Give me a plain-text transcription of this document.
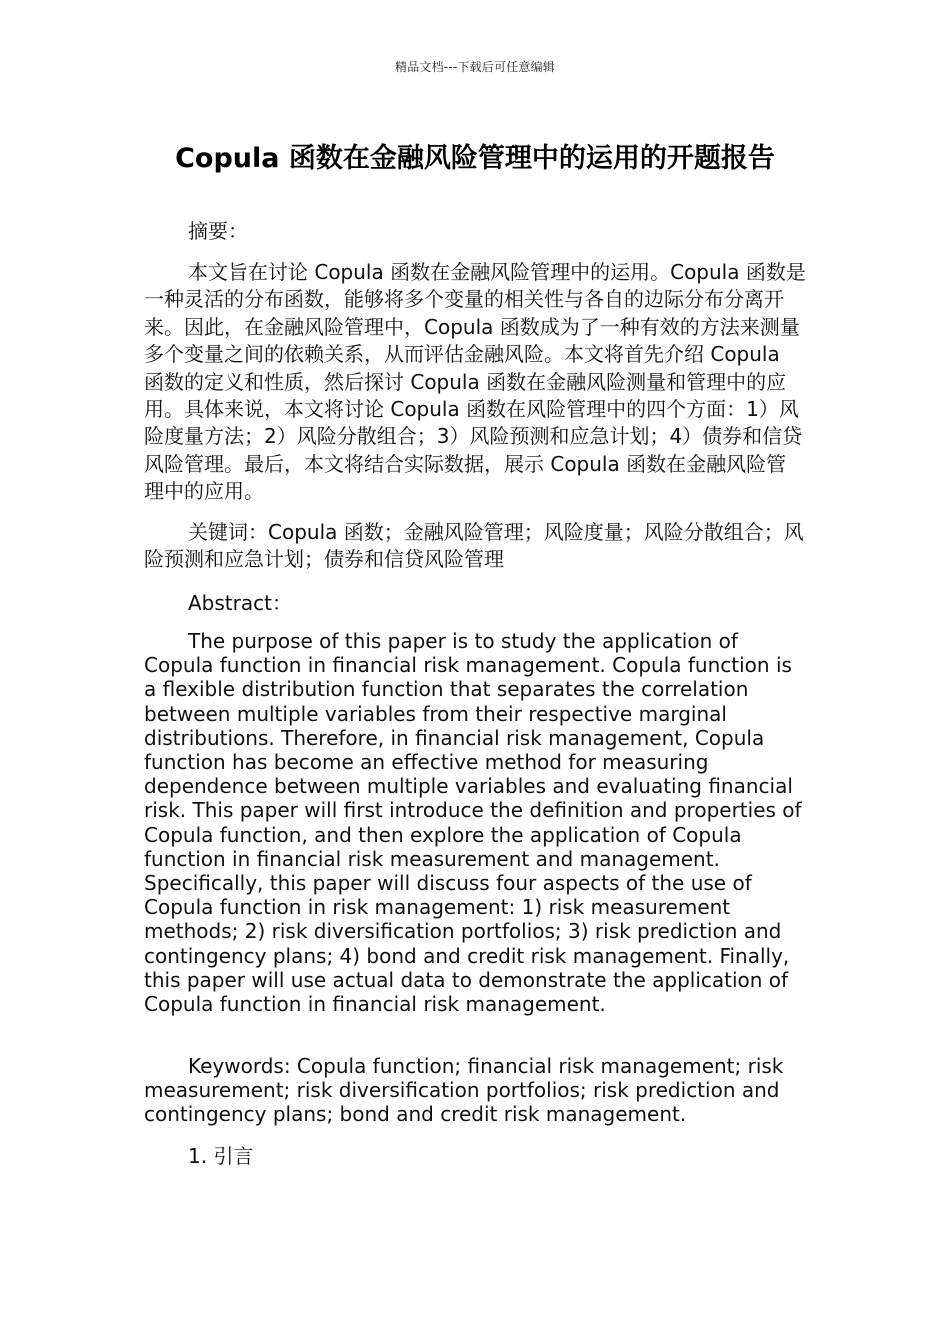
精品文档---下载后可任意编辑
Copula 函数在金融风险管理中的运用的开题报告
摘要：

本文旨在讨论 Copula 函数在金融风险管理中的运用。Copula 函数是一种灵活的分布函数，能够将多个变量的相关性与各自的边际分布分离开来。因此，在金融风险管理中，Copula 函数成为了一种有效的方法来测量多个变量之间的依赖关系，从而评估金融风险。本文将首先介绍 Copula 函数的定义和性质，然后探讨 Copula 函数在金融风险测量和管理中的应用。具体来说，本文将讨论 Copula 函数在风险管理中的四个方面：1）风险度量方法；2）风险分散组合；3）风险预测和应急计划；4）债券和信贷风险管理。最后，本文将结合实际数据，展示 Copula 函数在金融风险管理中的应用。

关键词：Copula 函数；金融风险管理；风险度量；风险分散组合；风险预测和应急计划；债券和信贷风险管理

Abstract：

The purpose of this paper is to study the application of Copula function in financial risk management. Copula function is a flexible distribution function that separates the correlation between multiple variables from their respective marginal distributions. Therefore, in financial risk management, Copula function has become an effective method for measuring dependence between multiple variables and evaluating financial risk. This paper will first introduce the definition and properties of Copula function, and then explore the application of Copula function in financial risk measurement and management. Specifically, this paper will discuss four aspects of the use of Copula function in risk management: 1) risk measurement methods; 2) risk diversification portfolios; 3) risk prediction and contingency plans; 4) bond and credit risk management. Finally, this paper will use actual data to demonstrate the application of Copula function in financial risk management.

Keywords: Copula function; financial risk management; risk measurement; risk diversification portfolios; risk prediction and contingency plans; bond and credit risk management.

1. 引言
